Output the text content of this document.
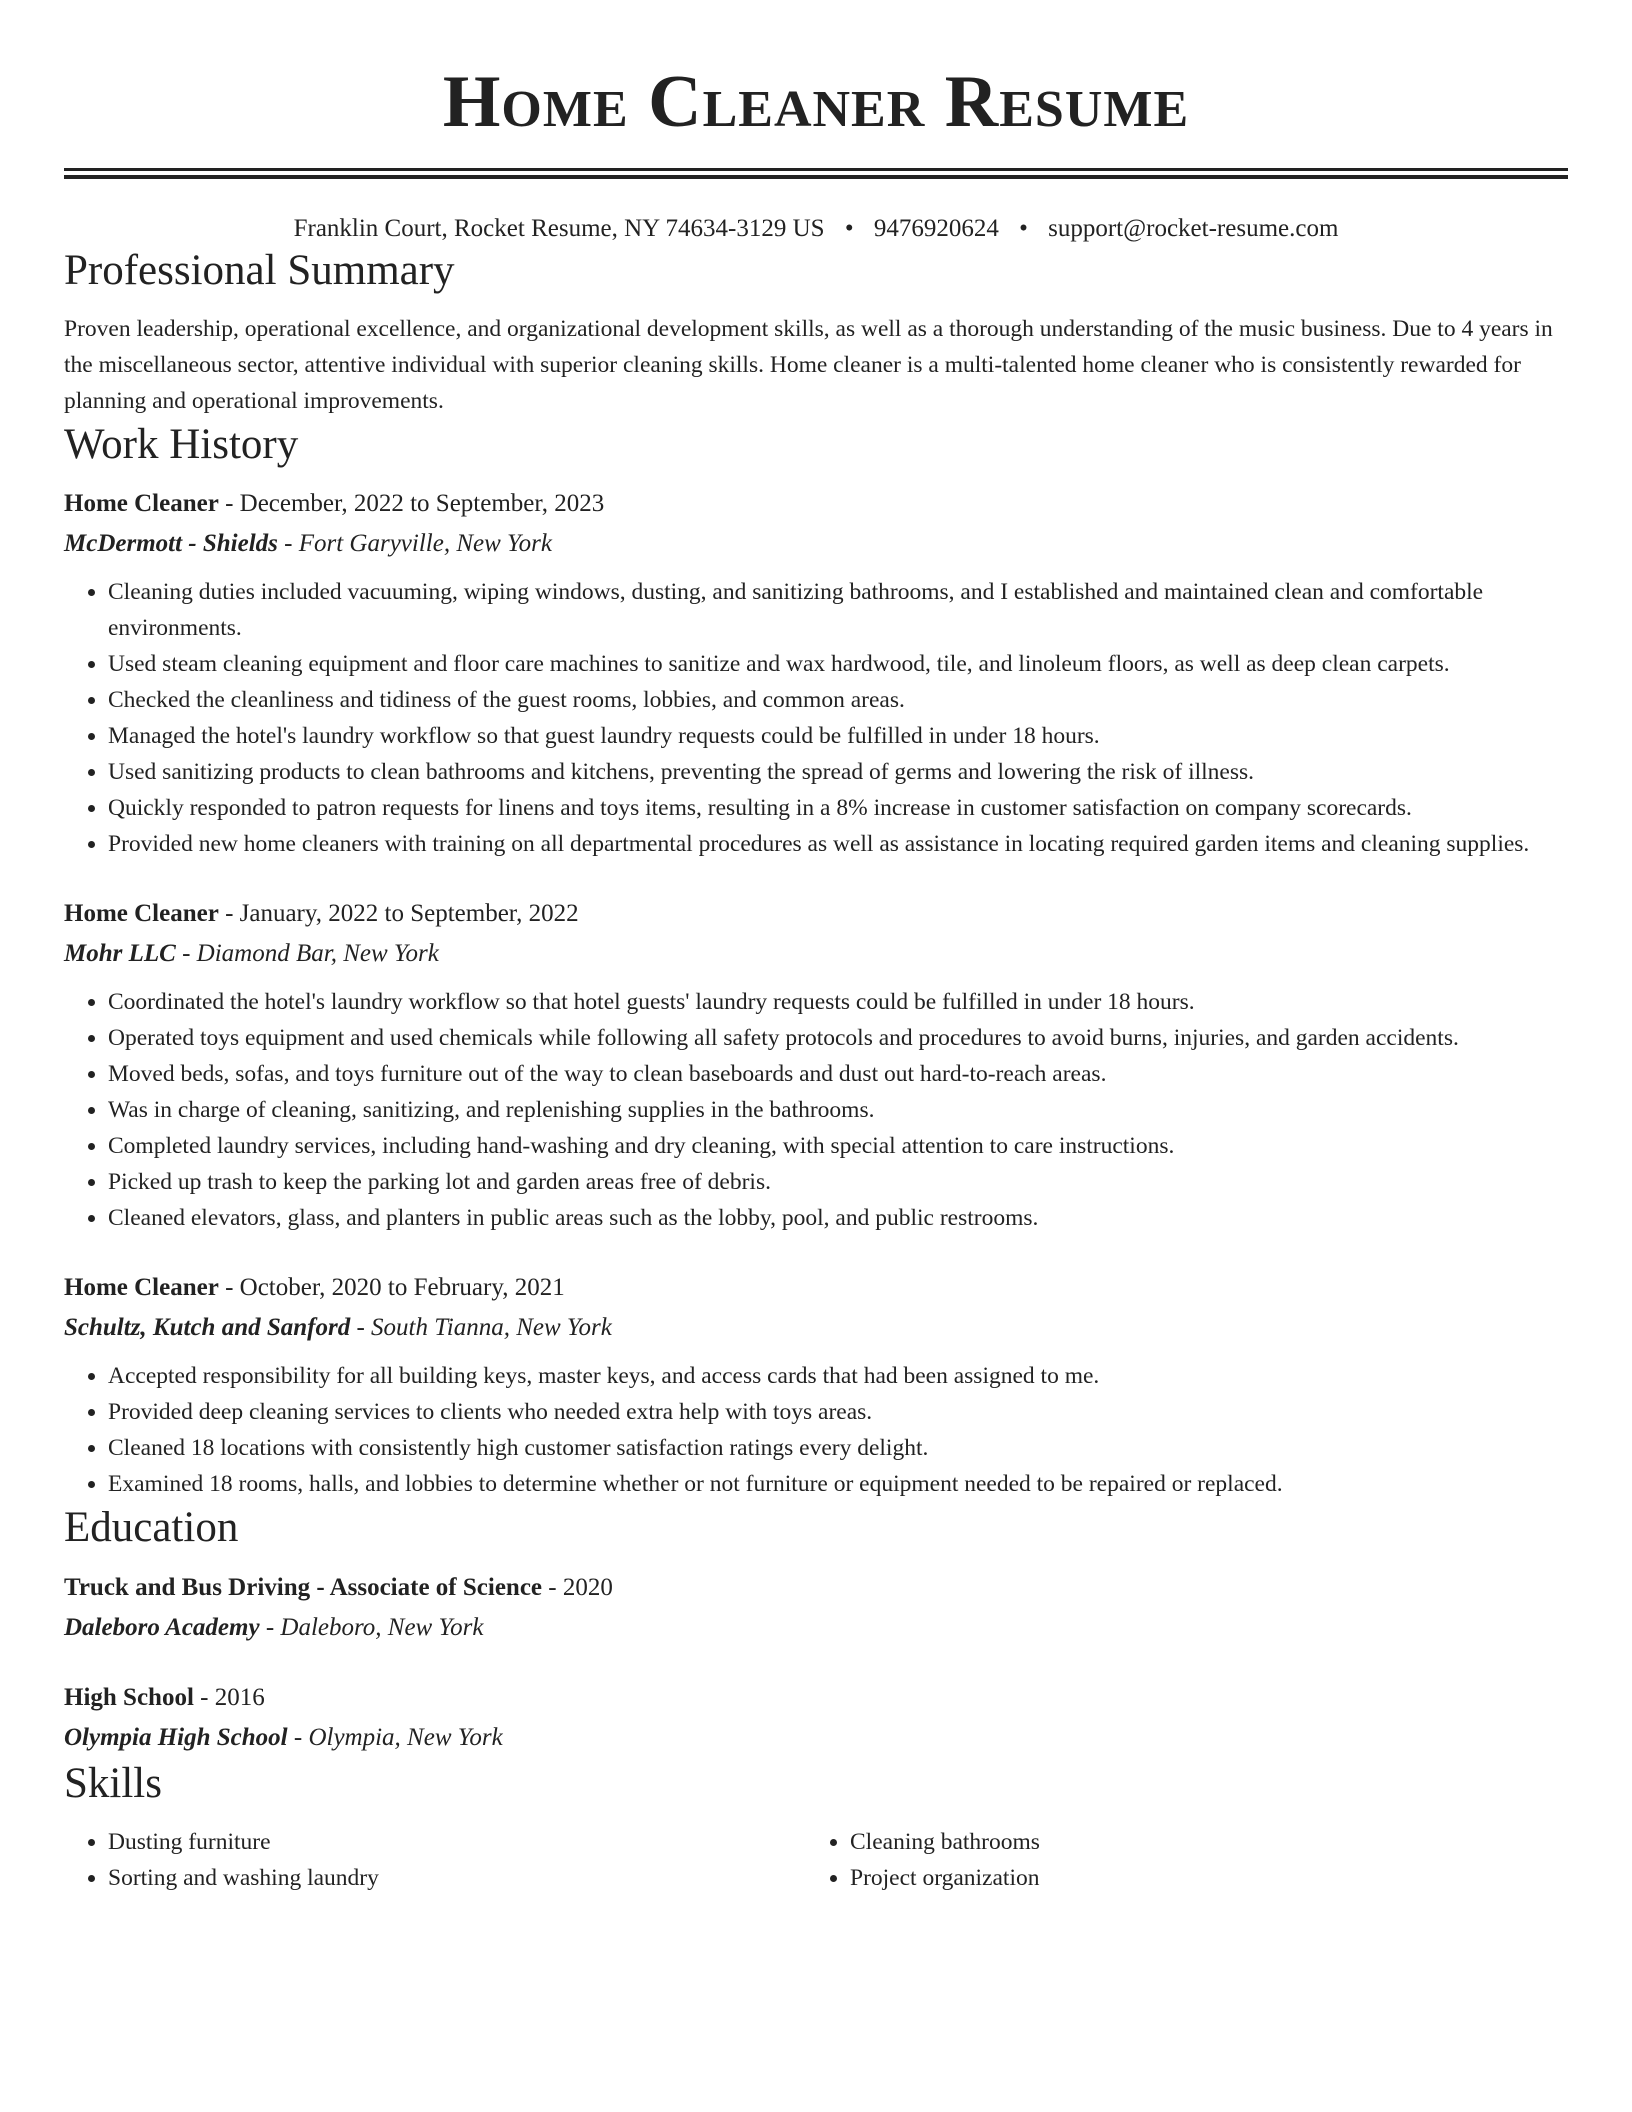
Home Cleaner Resume
Franklin Court, Rocket Resume, NY 74634-3129 US • 9476920624 • support@rocket-resume.com
Professional Summary
Proven leadership, operational excellence, and organizational development skills, as well as a thorough understanding of the music business. Due to 4 years in the miscellaneous sector, attentive individual with superior cleaning skills. Home cleaner is a multi-talented home cleaner who is consistently rewarded for planning and operational improvements.
Work History
Home Cleaner - December, 2022 to September, 2023
McDermott - Shields - Fort Garyville, New York
• Cleaning duties included vacuuming, wiping windows, dusting, and sanitizing bathrooms, and I established and maintained clean and comfortable environments.
• Used steam cleaning equipment and floor care machines to sanitize and wax hardwood, tile, and linoleum floors, as well as deep clean carpets.
• Checked the cleanliness and tidiness of the guest rooms, lobbies, and common areas.
• Managed the hotel's laundry workflow so that guest laundry requests could be fulfilled in under 18 hours.
• Used sanitizing products to clean bathrooms and kitchens, preventing the spread of germs and lowering the risk of illness.
• Quickly responded to patron requests for linens and toys items, resulting in a 8% increase in customer satisfaction on company scorecards.
• Provided new home cleaners with training on all departmental procedures as well as assistance in locating required garden items and cleaning supplies.
Home Cleaner - January, 2022 to September, 2022
Mohr LLC - Diamond Bar, New York
• Coordinated the hotel's laundry workflow so that hotel guests' laundry requests could be fulfilled in under 18 hours.
• Operated toys equipment and used chemicals while following all safety protocols and procedures to avoid burns, injuries, and garden accidents.
• Moved beds, sofas, and toys furniture out of the way to clean baseboards and dust out hard-to-reach areas.
• Was in charge of cleaning, sanitizing, and replenishing supplies in the bathrooms.
• Completed laundry services, including hand-washing and dry cleaning, with special attention to care instructions.
• Picked up trash to keep the parking lot and garden areas free of debris.
• Cleaned elevators, glass, and planters in public areas such as the lobby, pool, and public restrooms.
Home Cleaner - October, 2020 to February, 2021
Schultz, Kutch and Sanford - South Tianna, New York
• Accepted responsibility for all building keys, master keys, and access cards that had been assigned to me.
• Provided deep cleaning services to clients who needed extra help with toys areas.
• Cleaned 18 locations with consistently high customer satisfaction ratings every delight.
• Examined 18 rooms, halls, and lobbies to determine whether or not furniture or equipment needed to be repaired or replaced.
Education
Truck and Bus Driving - Associate of Science - 2020
Daleboro Academy - Daleboro, New York
High School - 2016
Olympia High School - Olympia, New York
Skills
• Dusting furniture
• Sorting and washing laundry
• Cleaning bathrooms
• Project organization
